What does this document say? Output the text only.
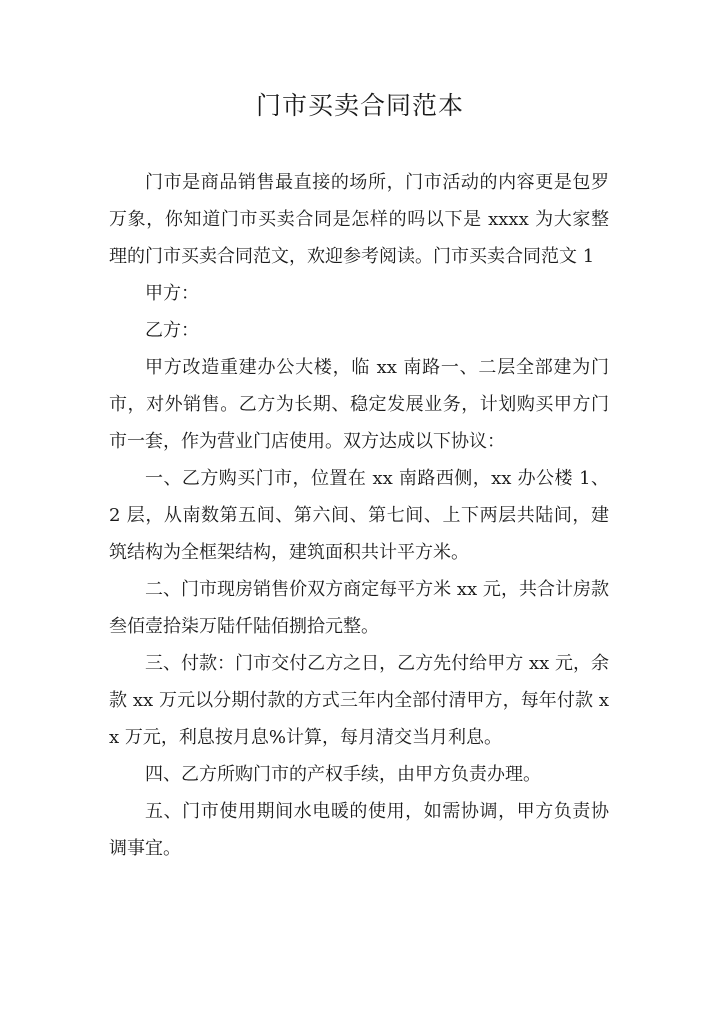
门市买卖合同范本

门市是商品销售最直接的场所，门市活动的内容更是包罗万象，你知道门市买卖合同是怎样的吗以下是 xxxx 为大家整理的门市买卖合同范文，欢迎参考阅读。门市买卖合同范文 1

甲方：

乙方：

甲方改造重建办公大楼，临 xx 南路一、二层全部建为门市，对外销售。乙方为长期、稳定发展业务，计划购买甲方门市一套，作为营业门店使用。双方达成以下协议：

一、乙方购买门市，位置在 xx 南路西侧，xx 办公楼 1、2 层，从南数第五间、第六间、第七间、上下两层共陆间，建筑结构为全框架结构，建筑面积共计平方米。

二、门市现房销售价双方商定每平方米 xx 元，共合计房款叁佰壹拾柒万陆仟陆佰捌拾元整。

三、付款：门市交付乙方之日，乙方先付给甲方 xx 元，余款 xx 万元以分期付款的方式三年内全部付清甲方，每年付款 xx 万元，利息按月息%计算，每月清交当月利息。

四、乙方所购门市的产权手续，由甲方负责办理。

五、门市使用期间水电暖的使用，如需协调，甲方负责协调事宜。
